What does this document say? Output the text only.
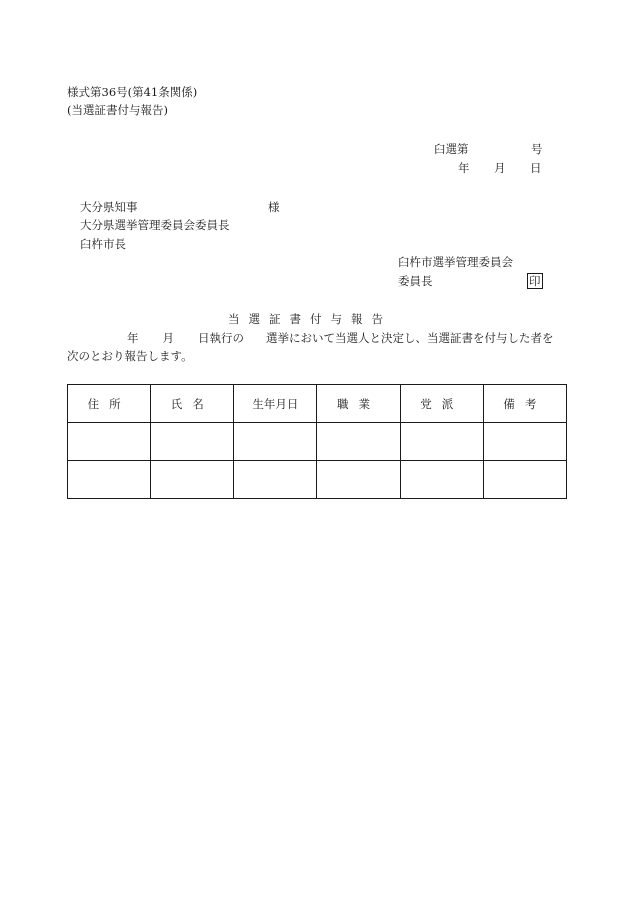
様式第36号(第41条関係)
(当選証書付与報告)
臼選第	号
年 月 日
大分県知事	様
大分県選挙管理委員会委員長
臼杵市長
臼杵市選挙管理委員会
委員長	印
当選証書付与報告
年 月 日執行の 選挙において当選人と決定し、当選証書を付与した者を
次のとおり報告します。
住所	氏名	生年月日	職業	党派	備考
